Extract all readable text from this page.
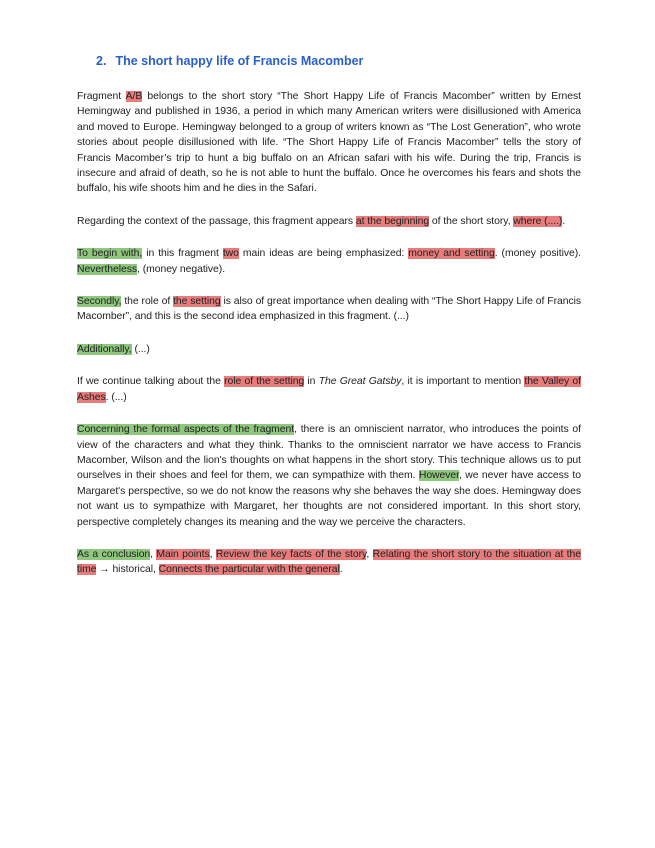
2. The short happy life of Francis Macomber

Fragment A/B belongs to the short story “The Short Happy Life of Francis Macomber” written by Ernest Hemingway and published in 1936, a period in which many American writers were disillusioned with America and moved to Europe. Hemingway belonged to a group of writers known as “The Lost Generation”, who wrote stories about people disillusioned with life. “The Short Happy Life of Francis Macomber” tells the story of Francis Macomber’s trip to hunt a big buffalo on an African safari with his wife. During the trip, Francis is insecure and afraid of death, so he is not able to hunt the buffalo. Once he overcomes his fears and shots the buffalo, his wife shoots him and he dies in the Safari.

Regarding the context of the passage, this fragment appears at the beginning of the short story, where (....).

To begin with, in this fragment two main ideas are being emphasized: money and setting. (money positive). Nevertheless, (money negative).

Secondly, the role of the setting is also of great importance when dealing with “The Short Happy Life of Francis Macomber”, and this is the second idea emphasized in this fragment. (...)

Additionally, (...)

If we continue talking about the role of the setting in The Great Gatsby, it is important to mention the Valley of Ashes. (...)

Concerning the formal aspects of the fragment, there is an omniscient narrator, who introduces the points of view of the characters and what they think. Thanks to the omniscient narrator we have access to Francis Macomber, Wilson and the lion's thoughts on what happens in the short story. This technique allows us to put ourselves in their shoes and feel for them, we can sympathize with them. However, we never have access to Margaret's perspective, so we do not know the reasons why she behaves the way she does. Hemingway does not want us to sympathize with Margaret, her thoughts are not considered important. In this short story, perspective completely changes its meaning and the way we perceive the characters.

As a conclusion, Main points, Review the key facts of the story, Relating the short story to the situation at the time → historical, Connects the particular with the general.
